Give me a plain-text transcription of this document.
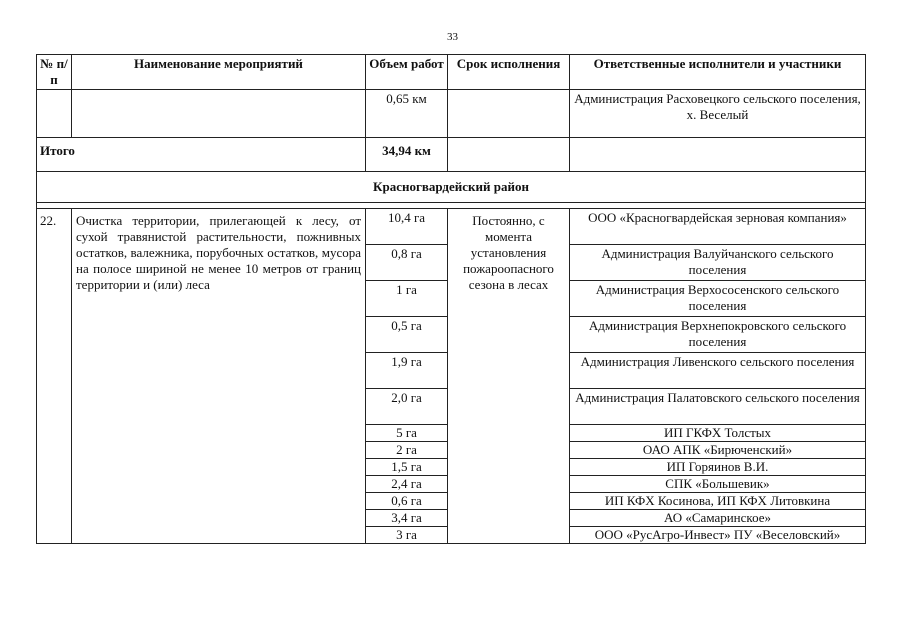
33
№ п/п	Наименование мероприятий	Объем работ	Срок исполнения	Ответственные исполнители и участники
		0,65 км		Администрация Расховецкого сельского поселения, х. Веселый
Итого		34,94 км		
Красногвардейский район				

22.	Очистка территории, прилегающей к лесу, от сухой травянистой растительности, пожнивных остатков, валежника, порубочных остатков, мусора на полосе шириной не менее 10 метров от границ территории и (или) леса	10,4 га	Постоянно, с момента установления пожароопасного сезона в лесах	ООО «Красногвардейская зерновая компания»
		0,8 га		Администрация Валуйчанского сельского поселения
		1 га		Администрация Верхососенского сельского поселения
		0,5 га		Администрация Верхнепокровского сельского поселения
		1,9 га		Администрация Ливенского сельского поселения
		2,0 га		Администрация Палатовского сельского поселения
		5 га		ИП ГКФХ Толстых
		2 га		ОАО АПК «Бирюченский»
		1,5 га		ИП Горяинов В.И.
		2,4 га		СПК «Большевик»
		0,6 га		ИП КФХ Косинова, ИП КФХ Литовкина
		3,4 га		АО «Самаринское»
		3 га		ООО «РусАгро-Инвест» ПУ «Веселовский»
